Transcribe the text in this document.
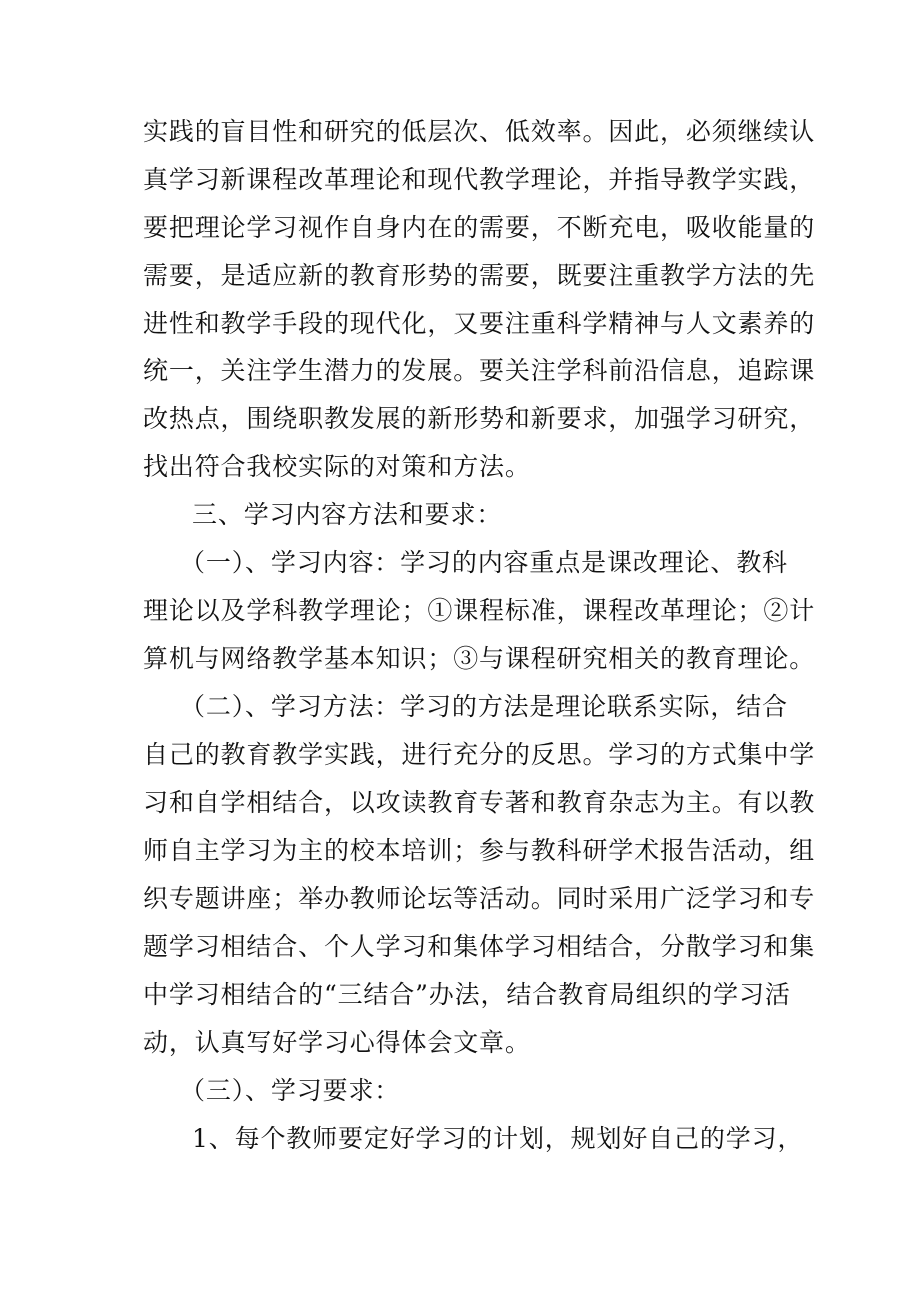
实践的盲目性和研究的低层次、低效率。因此，必须继续认
真学习新课程改革理论和现代教学理论，并指导教学实践，
要把理论学习视作自身内在的需要，不断充电，吸收能量的
需要，是适应新的教育形势的需要，既要注重教学方法的先
进性和教学手段的现代化，又要注重科学精神与人文素养的
统一，关注学生潜力的发展。要关注学科前沿信息，追踪课
改热点，围绕职教发展的新形势和新要求，加强学习研究，
找出符合我校实际的对策和方法。
三、学习内容方法和要求：
（一）、学习内容：学习的内容重点是课改理论、教科
理论以及学科教学理论；①课程标准，课程改革理论；②计
算机与网络教学基本知识；③与课程研究相关的教育理论。
（二）、学习方法：学习的方法是理论联系实际，结合
自己的教育教学实践，进行充分的反思。学习的方式集中学
习和自学相结合，以攻读教育专著和教育杂志为主。有以教
师自主学习为主的校本培训；参与教科研学术报告活动，组
织专题讲座；举办教师论坛等活动。同时采用广泛学习和专
题学习相结合、个人学习和集体学习相结合，分散学习和集
中学习相结合的“三结合”办法，结合教育局组织的学习活
动，认真写好学习心得体会文章。
（三）、学习要求：
1、每个教师要定好学习的计划，规划好自己的学习，
